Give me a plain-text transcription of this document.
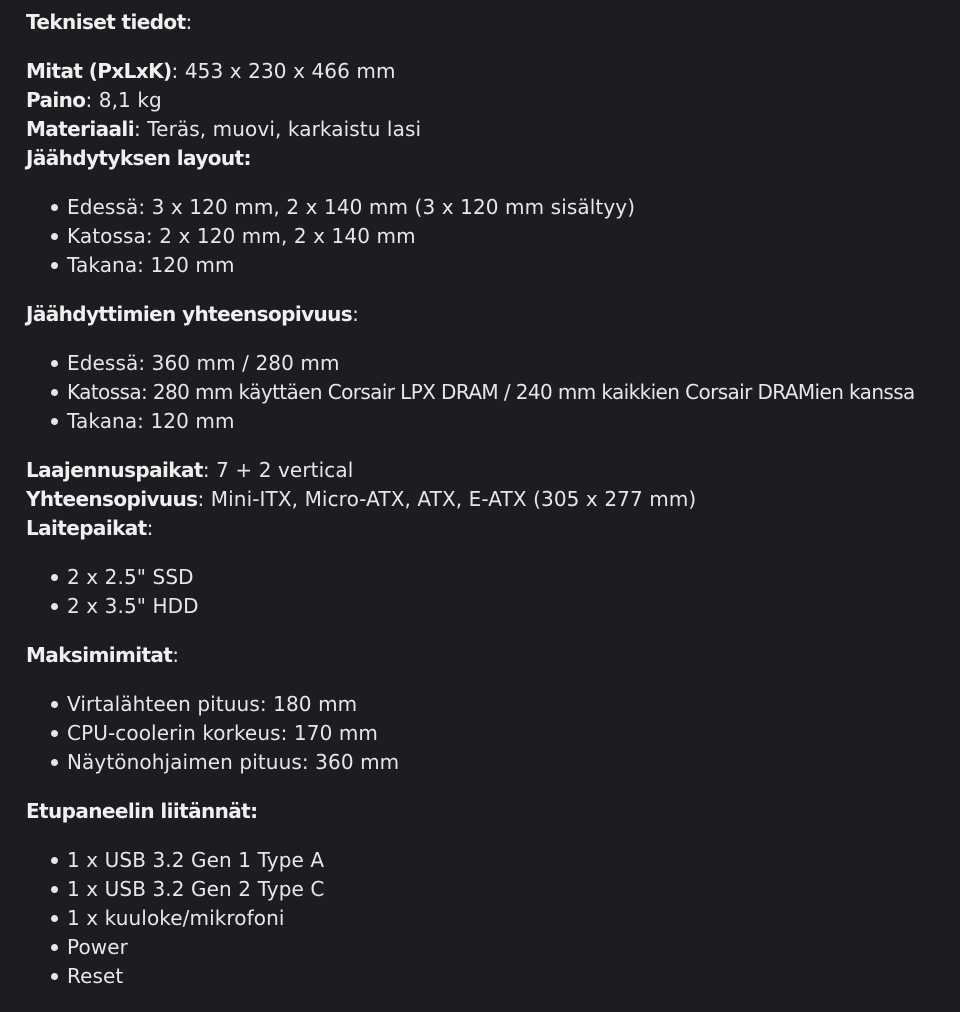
Tekniset tiedot:
Mitat (PxLxK): 453 x 230 x 466 mm
Paino: 8,1 kg
Materiaali: Teräs, muovi, karkaistu lasi
Jäähdytyksen layout:
Edessä: 3 x 120 mm, 2 x 140 mm (3 x 120 mm sisältyy)
Katossa: 2 x 120 mm, 2 x 140 mm
Takana: 120 mm
Jäähdyttimien yhteensopivuus:
Edessä: 360 mm / 280 mm
Katossa: 280 mm käyttäen Corsair LPX DRAM / 240 mm kaikkien Corsair DRAMien kanssa
Takana: 120 mm
Laajennuspaikat: 7 + 2 vertical
Yhteensopivuus: Mini-ITX, Micro-ATX, ATX, E-ATX (305 x 277 mm)
Laitepaikat:
2 x 2.5" SSD
2 x 3.5" HDD
Maksimimitat:
Virtalähteen pituus: 180 mm
CPU-coolerin korkeus: 170 mm
Näytönohjaimen pituus: 360 mm
Etupaneelin liitännät:
1 x USB 3.2 Gen 1 Type A
1 x USB 3.2 Gen 2 Type C
1 x kuuloke/mikrofoni
Power
Reset
